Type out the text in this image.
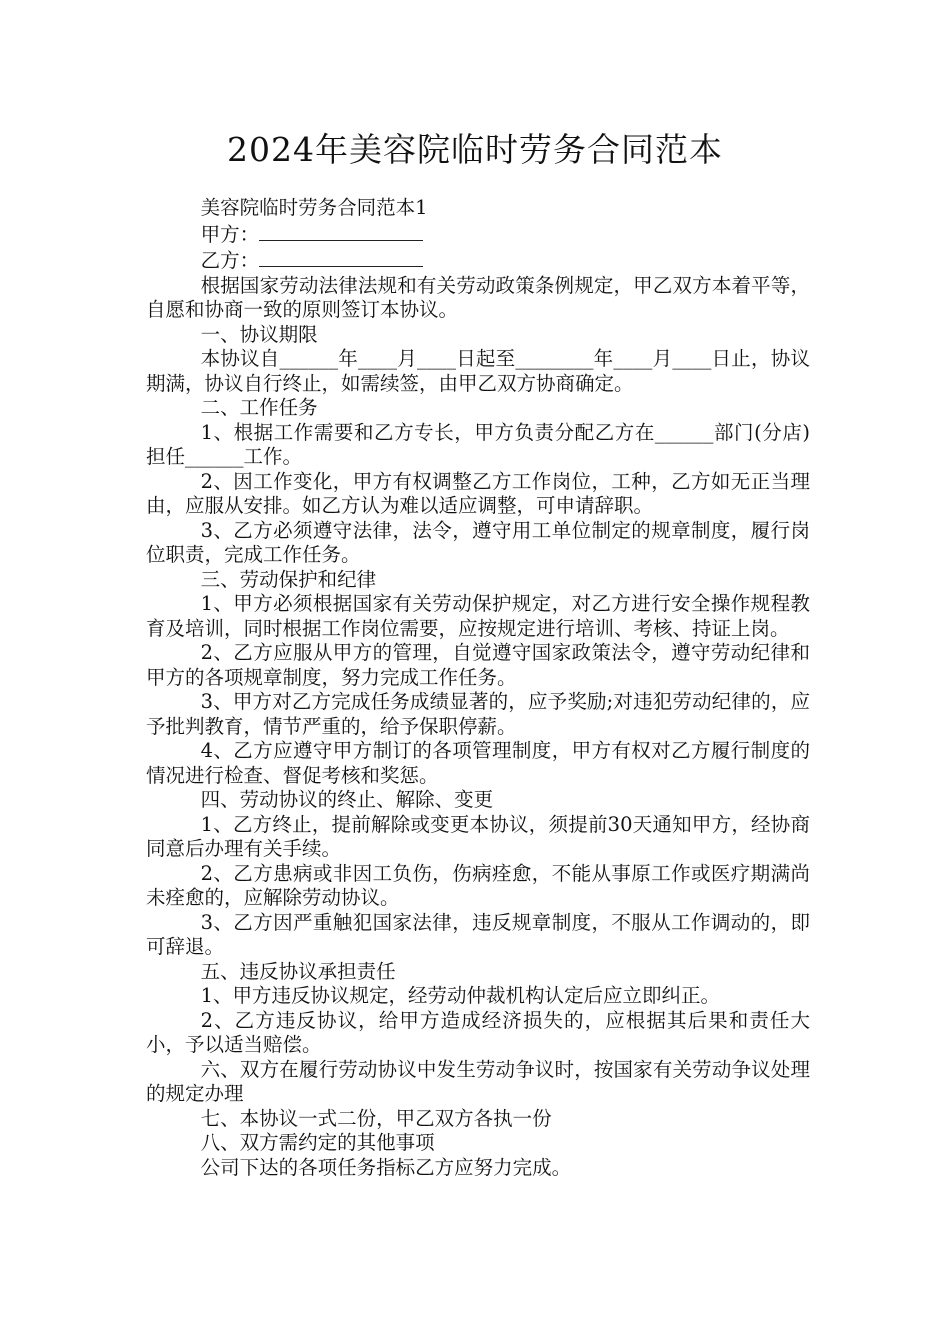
2024年美容院临时劳务合同范本

美容院临时劳务合同范本1

甲方：

乙方：

根据国家劳动法律法规和有关劳动政策条例规定，甲乙双方本着平等，自愿和协商一致的原则签订本协议。

一、协议期限

本协议自______年____月____日起至________年____月____日止，协议期满，协议自行终止，如需续签，由甲乙双方协商确定。

二、工作任务

1、根据工作需要和乙方专长，甲方负责分配乙方在______部门(分店)担任______工作。

2、因工作变化，甲方有权调整乙方工作岗位，工种，乙方如无正当理由，应服从安排。如乙方认为难以适应调整，可申请辞职。

3、乙方必须遵守法律，法令，遵守用工单位制定的规章制度，履行岗位职责，完成工作任务。

三、劳动保护和纪律

1、甲方必须根据国家有关劳动保护规定，对乙方进行安全操作规程教育及培训，同时根据工作岗位需要，应按规定进行培训、考核、持证上岗。

2、乙方应服从甲方的管理，自觉遵守国家政策法令，遵守劳动纪律和甲方的各项规章制度，努力完成工作任务。

3、甲方对乙方完成任务成绩显著的，应予奖励;对违犯劳动纪律的，应予批判教育，情节严重的，给予保职停薪。

4、乙方应遵守甲方制订的各项管理制度，甲方有权对乙方履行制度的情况进行检查、督促考核和奖惩。

四、劳动协议的终止、解除、变更

1、乙方终止，提前解除或变更本协议，须提前30天通知甲方，经协商同意后办理有关手续。

2、乙方患病或非因工负伤，伤病痊愈，不能从事原工作或医疗期满尚未痊愈的，应解除劳动协议。

3、乙方因严重触犯国家法律，违反规章制度，不服从工作调动的，即可辞退。

五、违反协议承担责任

1、甲方违反协议规定，经劳动仲裁机构认定后应立即纠正。

2、乙方违反协议，给甲方造成经济损失的，应根据其后果和责任大小，予以适当赔偿。

六、双方在履行劳动协议中发生劳动争议时，按国家有关劳动争议处理的规定办理

七、本协议一式二份，甲乙双方各执一份

八、双方需约定的其他事项

公司下达的各项任务指标乙方应努力完成。
